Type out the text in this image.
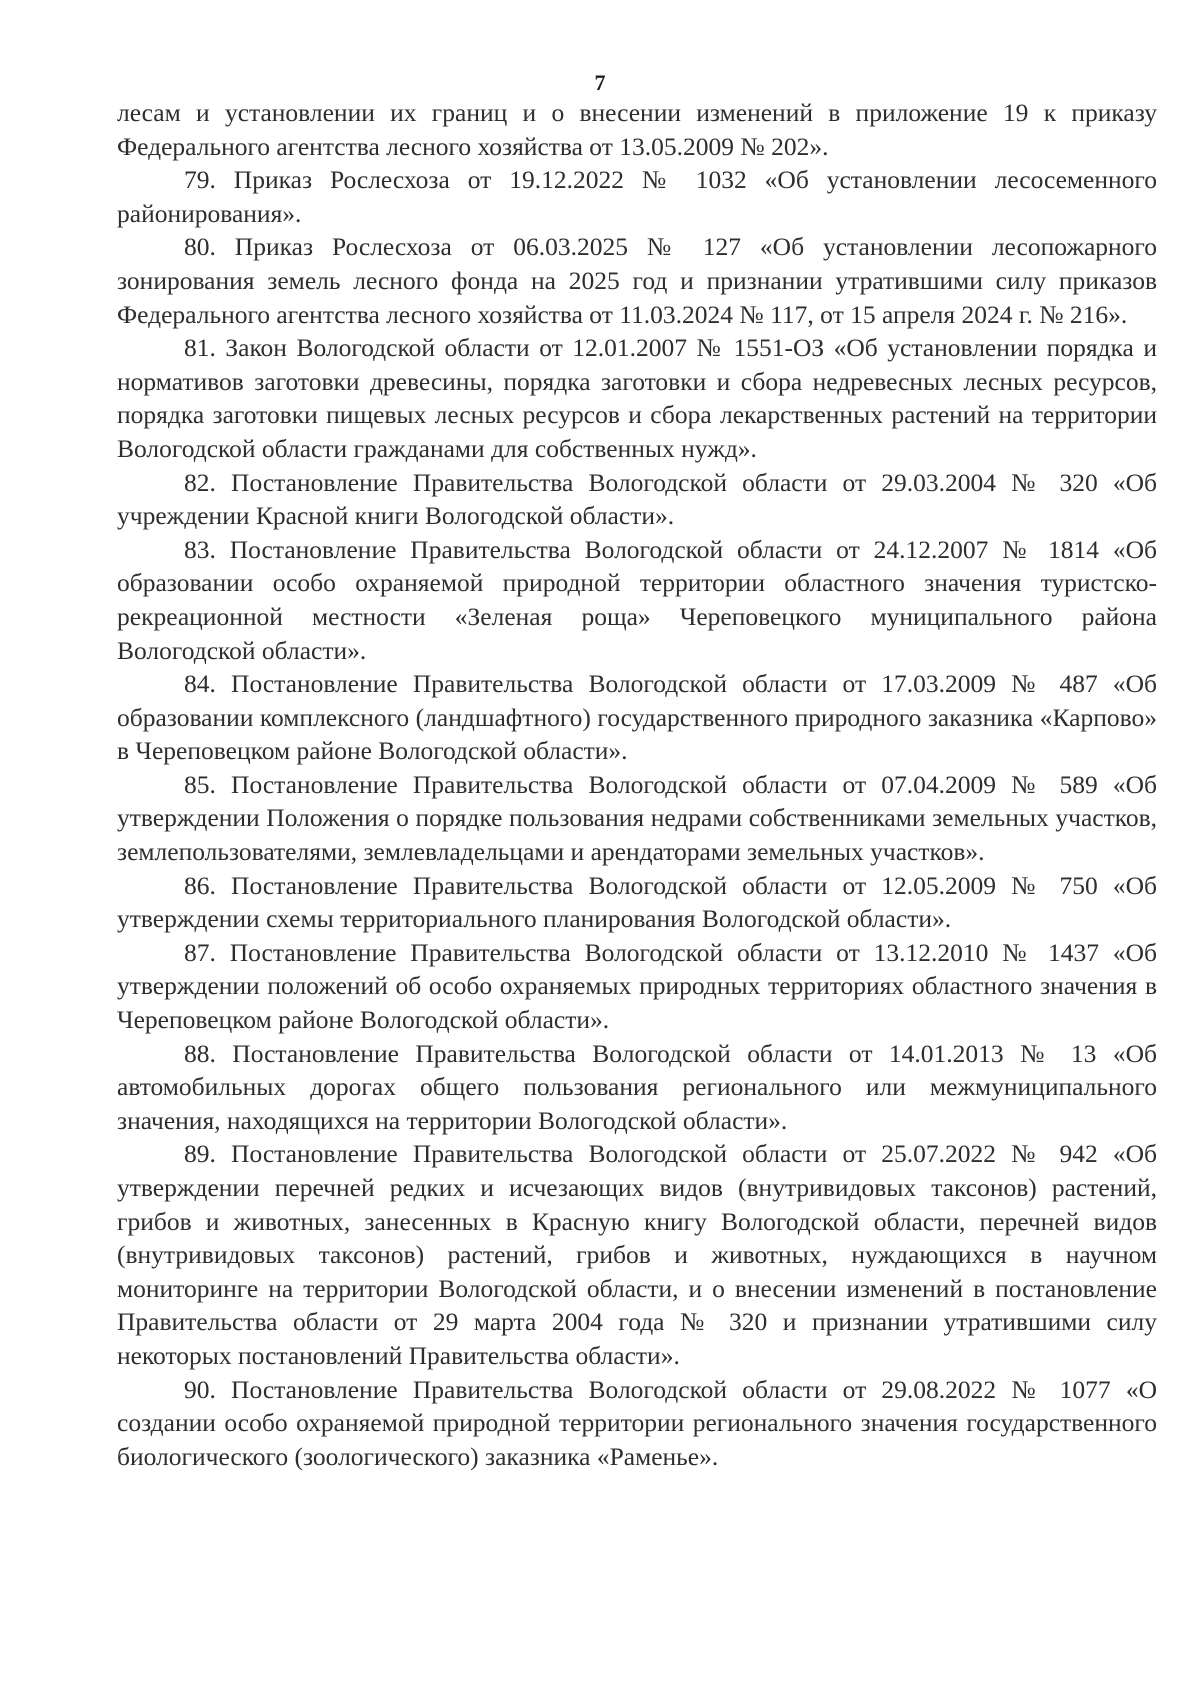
7

лесам и установлении их границ и о внесении изменений в приложение 19 к приказу Федерального агентства лесного хозяйства от 13.05.2009 № 202».

79. Приказ Рослесхоза от 19.12.2022 № 1032 «Об установлении лесосеменного районирования».

80. Приказ Рослесхоза от 06.03.2025 № 127 «Об установлении лесопожарного зонирования земель лесного фонда на 2025 год и признании утратившими силу приказов Федерального агентства лесного хозяйства от 11.03.2024 № 117, от 15 апреля 2024 г. № 216».

81. Закон Вологодской области от 12.01.2007 № 1551-ОЗ «Об установлении порядка и нормативов заготовки древесины, порядка заготовки и сбора недревесных лесных ресурсов, порядка заготовки пищевых лесных ресурсов и сбора лекарственных растений на территории Вологодской области гражданами для собственных нужд».

82. Постановление Правительства Вологодской области от 29.03.2004 № 320 «Об учреждении Красной книги Вологодской области».

83. Постановление Правительства Вологодской области от 24.12.2007 № 1814 «Об образовании особо охраняемой природной территории областного значения туристско-рекреационной местности «Зеленая роща» Череповецкого муниципального района Вологодской области».

84. Постановление Правительства Вологодской области от 17.03.2009 № 487 «Об образовании комплексного (ландшафтного) государственного природного заказника «Карпово» в Череповецком районе Вологодской области».

85. Постановление Правительства Вологодской области от 07.04.2009 № 589 «Об утверждении Положения о порядке пользования недрами собственниками земельных участков, землепользователями, землевладельцами и арендаторами земельных участков».

86. Постановление Правительства Вологодской области от 12.05.2009 № 750 «Об утверждении схемы территориального планирования Вологодской области».

87. Постановление Правительства Вологодской области от 13.12.2010 № 1437 «Об утверждении положений об особо охраняемых природных территориях областного значения в Череповецком районе Вологодской области».

88. Постановление Правительства Вологодской области от 14.01.2013 № 13 «Об автомобильных дорогах общего пользования регионального или межмуниципального значения, находящихся на территории Вологодской области».

89. Постановление Правительства Вологодской области от 25.07.2022 № 942 «Об утверждении перечней редких и исчезающих видов (внутривидовых таксонов) растений, грибов и животных, занесенных в Красную книгу Вологодской области, перечней видов (внутривидовых таксонов) растений, грибов и животных, нуждающихся в научном мониторинге на территории Вологодской области, и о внесении изменений в постановление Правительства области от 29 марта 2004 года № 320 и признании утратившими силу некоторых постановлений Правительства области».

90. Постановление Правительства Вологодской области от 29.08.2022 № 1077 «О создании особо охраняемой природной территории регионального значения государственного биологического (зоологического) заказника «Раменье».
